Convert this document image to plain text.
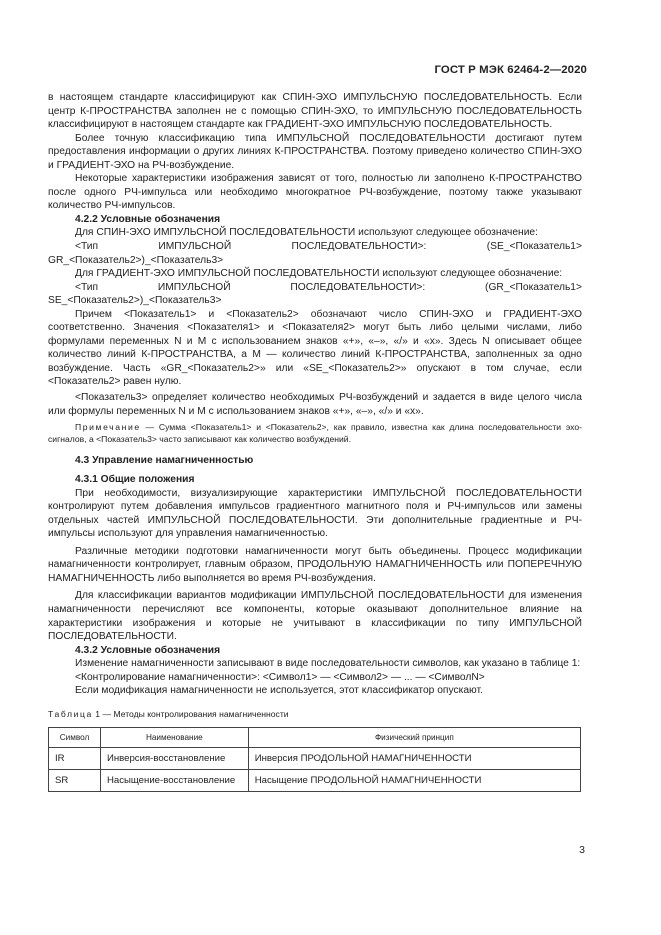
ГОСТ Р МЭК 62464-2—2020

в настоящем стандарте классифицируют как СПИН-ЭХО ИМПУЛЬСНУЮ ПОСЛЕДОВАТЕЛЬНОСТЬ. Если центр К-ПРОСТРАНСТВА заполнен не с помощью СПИН-ЭХО, то ИМПУЛЬСНУЮ ПОСЛЕДОВАТЕЛЬНОСТЬ классифицируют в настоящем стандарте как ГРАДИЕНТ-ЭХО ИМПУЛЬСНУЮ ПОСЛЕДОВАТЕЛЬНОСТЬ.

Более точную классификацию типа ИМПУЛЬСНОЙ ПОСЛЕДОВАТЕЛЬНОСТИ достигают путем предоставления информации о других линиях К-ПРОСТРАНСТВА. Поэтому приведено количество СПИН-ЭХО и ГРАДИЕНТ-ЭХО на РЧ-возбуждение.

Некоторые характеристики изображения зависят от того, полностью ли заполнено К-ПРОСТРАНСТВО после одного РЧ-импульса или необходимо многократное РЧ-возбуждение, поэтому также указывают количество РЧ-импульсов.

4.2.2 Условные обозначения

Для СПИН-ЭХО ИМПУЛЬСНОЙ ПОСЛЕДОВАТЕЛЬНОСТИ используют следующее обозначение:

<Тип ИМПУЛЬСНОЙ ПОСЛЕДОВАТЕЛЬНОСТИ>: (SE_<Показатель1> GR_<Показатель2>)_<Показатель3>

Для ГРАДИЕНТ-ЭХО ИМПУЛЬСНОЙ ПОСЛЕДОВАТЕЛЬНОСТИ используют следующее обозначение:

<Тип ИМПУЛЬСНОЙ ПОСЛЕДОВАТЕЛЬНОСТИ>: (GR_<Показатель1> SE_<Показатель2>)_<Показатель3>

Причем <Показатель1> и <Показатель2> обозначают число СПИН-ЭХО и ГРАДИЕНТ-ЭХО соответственно. Значения <Показателя1> и <Показателя2> могут быть либо целыми числами, либо формулами переменных N и M с использованием знаков «+», «–», «/» и «x». Здесь N описывает общее количество линий К-ПРОСТРАНСТВА, а M — количество линий К-ПРОСТРАНСТВА, заполненных за одно возбуждение. Часть «GR_<Показатель2>» или «SE_<Показатель2>» опускают в том случае, если <Показатель2> равен нулю.

<Показатель3> определяет количество необходимых РЧ-возбуждений и задается в виде целого числа или формулы переменных N и M с использованием знаков «+», «–», «/» и «x».

Примечание — Сумма <Показатель1> и <Показатель2>, как правило, известна как длина последовательности эхо-сигналов, а <Показатель3> часто записывают как количество возбуждений.

4.3 Управление намагниченностью

4.3.1 Общие положения

При необходимости, визуализирующие характеристики ИМПУЛЬСНОЙ ПОСЛЕДОВАТЕЛЬНОСТИ контролируют путем добавления импульсов градиентного магнитного поля и РЧ-импульсов или замены отдельных частей ИМПУЛЬСНОЙ ПОСЛЕДОВАТЕЛЬНОСТИ. Эти дополнительные градиентные и РЧ-импульсы используют для управления намагниченностью.

Различные методики подготовки намагниченности могут быть объединены. Процесс модификации намагниченности контролирует, главным образом, ПРОДОЛЬНУЮ НАМАГНИЧЕННОСТЬ или ПОПЕРЕЧНУЮ НАМАГНИЧЕННОСТЬ либо выполняется во время РЧ-возбуждения.

Для классификации вариантов модификации ИМПУЛЬСНОЙ ПОСЛЕДОВАТЕЛЬНОСТИ для изменения намагниченности перечисляют все компоненты, которые оказывают дополнительное влияние на характеристики изображения и которые не учитывают в классификации по типу ИМПУЛЬСНОЙ ПОСЛЕДОВАТЕЛЬНОСТИ.

4.3.2 Условные обозначения

Изменение намагниченности записывают в виде последовательности символов, как указано в таблице 1:

<Контролирование намагниченности>: <Символ1> — <Символ2> — ... — <СимволN>

Если модификация намагниченности не используется, этот классификатор опускают.

Таблица 1 — Методы контролирования намагниченности

Символ	Наименование	Физический принцип
IR	Инверсия-восстановление	Инверсия ПРОДОЛЬНОЙ НАМАГНИЧЕННОСТИ
SR	Насыщение-восстановление	Насыщение ПРОДОЛЬНОЙ НАМАГНИЧЕННОСТИ
3
